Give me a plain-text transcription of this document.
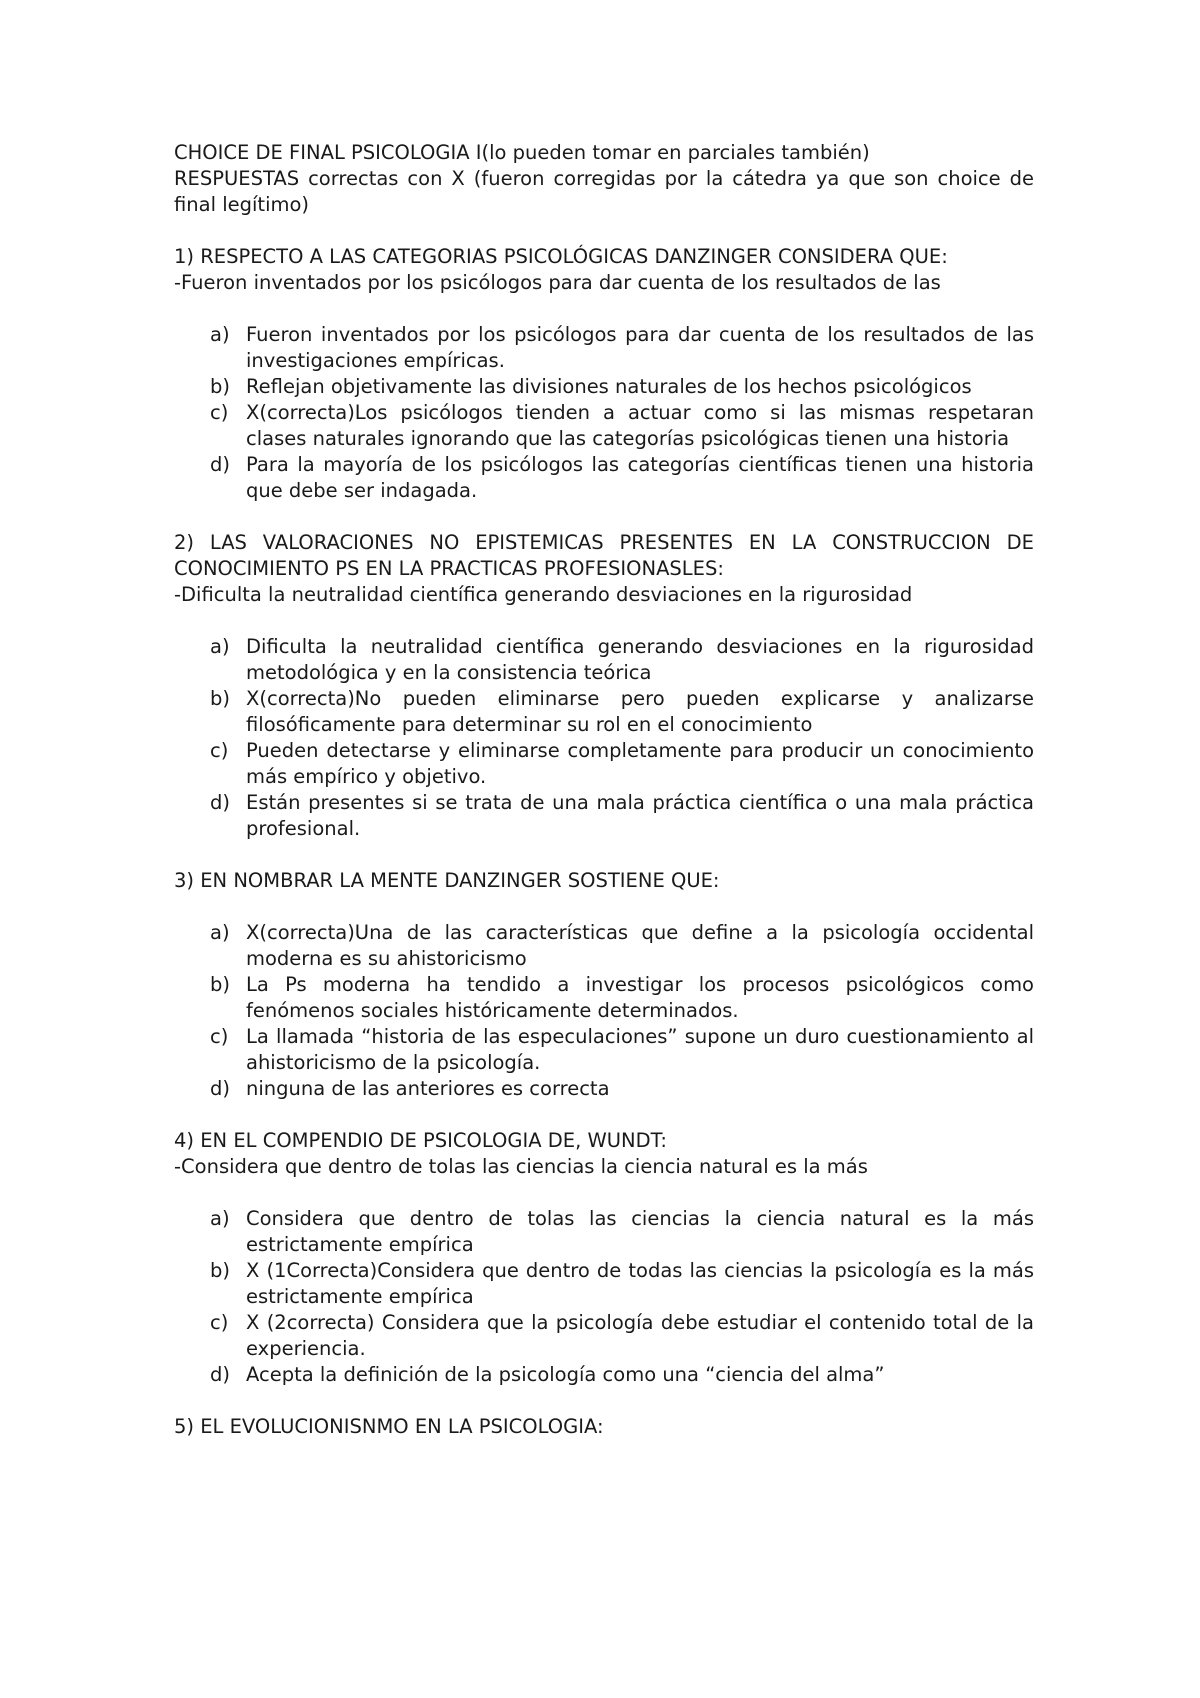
CHOICE DE FINAL PSICOLOGIA I(lo pueden tomar en parciales también)

RESPUESTAS correctas con X (fueron corregidas por la cátedra ya que son choice de final legítimo)

1) RESPECTO A LAS CATEGORIAS PSICOLÓGICAS DANZINGER CONSIDERA QUE:

-Fueron inventados por los psicólogos para dar cuenta de los resultados de las

a) Fueron inventados por los psicólogos para dar cuenta de los resultados de las investigaciones empíricas.
b) Reflejan objetivamente las divisiones naturales de los hechos psicológicos
c) X(correcta)Los psicólogos tienden a actuar como si las mismas respetaran clases naturales ignorando que las categorías psicológicas tienen una historia
d) Para la mayoría de los psicólogos las categorías científicas tienen una historia que debe ser indagada.

2) LAS VALORACIONES NO EPISTEMICAS PRESENTES EN LA CONSTRUCCION DE CONOCIMIENTO PS EN LA PRACTICAS PROFESIONASLES:

-Dificulta la neutralidad científica generando desviaciones en la rigurosidad

a) Dificulta la neutralidad científica generando desviaciones en la rigurosidad metodológica y en la consistencia teórica
b) X(correcta)No pueden eliminarse pero pueden explicarse y analizarse filosóficamente para determinar su rol en el conocimiento
c) Pueden detectarse y eliminarse completamente para producir un conocimiento más empírico y objetivo.
d) Están presentes si se trata de una mala práctica científica o una mala práctica profesional.

3) EN NOMBRAR LA MENTE DANZINGER SOSTIENE QUE:

a) X(correcta)Una de las características que define a la psicología occidental moderna es su ahistoricismo
b) La Ps moderna ha tendido a investigar los procesos psicológicos como fenómenos sociales históricamente determinados.
c) La llamada “historia de las especulaciones” supone un duro cuestionamiento al ahistoricismo de la psicología.
d) ninguna de las anteriores es correcta

4) EN EL COMPENDIO DE PSICOLOGIA DE, WUNDT:

-Considera que dentro de tolas las ciencias la ciencia natural es la más

a) Considera que dentro de tolas las ciencias la ciencia natural es la más estrictamente empírica
b) X (1Correcta)Considera que dentro de todas las ciencias la psicología es la más estrictamente empírica
c) X (2correcta) Considera que la psicología debe estudiar el contenido total de la experiencia.
d) Acepta la definición de la psicología como una “ciencia del alma”

5) EL EVOLUCIONISNMO EN LA PSICOLOGIA:
